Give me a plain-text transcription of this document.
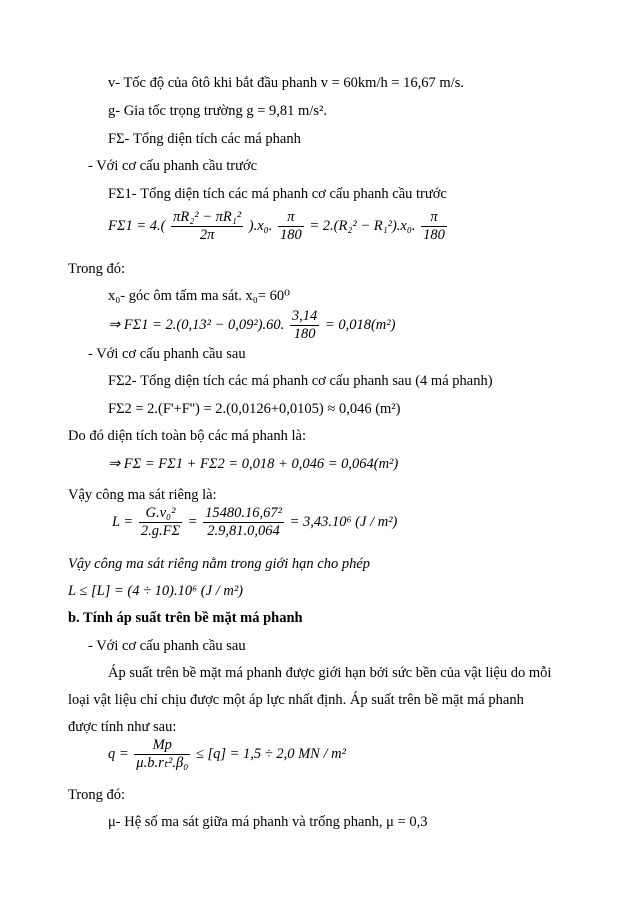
v- Tốc độ của ôtô khi bắt đầu phanh v = 60km/h = 16,67 m/s.
g- Gia tốc trọng trường g = 9,81 m/s².
FΣ- Tổng diện tích các má phanh
- Với cơ cấu phanh cầu trước
FΣ1- Tổng diện tích các má phanh cơ cấu phanh cầu trước
$F\Sigma 1 = 4.( \frac{\text{πR₂² − πR₁²}}{2\pi} ).x_0$. $\frac{\pi}{180} = 2.(R_2^2 - R_1^2).x_0$. $\frac{\pi}{180}$
Trong đó:
x₀- góc ôm tấm ma sát. x₀= 60⁰
⇒ FΣ1 = 2.(0,13² − 0,09²).60. $\frac{3,14}{180} = 0,018(m^2)$
- Với cơ cấu phanh cầu sau
FΣ2- Tổng diện tích các má phanh cơ cấu phanh sau (4 má phanh)
FΣ2 = 2.(F'+F'') = 2.(0,0126+0,0105) ≈ 0,046 (m²)
Do đó diện tích toàn bộ các má phanh là:
⇒ FΣ = FΣ1 + FΣ2 = 0,018 + 0,046 = 0,064(m²)
Vậy công ma sát riêng là:
$L = \frac{\text{G.v₀²}}{2.g.F\Sigma} = \frac{\text{15480.16,67²}}{2.9,81.0,064} = 3,43.10^6$ (J / m²)
Vậy công ma sát riêng nằm trong giới hạn cho phép
L ≤ [L] = (4 ÷ 10).10⁶ (J / m²)
b. Tính áp suất trên bề mặt má phanh
- Với cơ cấu phanh cầu sau
Áp suất trên bề mặt má phanh được giới hạn bởi sức bền của vật liệu do mỗi
loại vật liệu chỉ chịu được một áp lực nhất định. Áp suất trên bề mặt má phanh
được tính như sau:
$q = \frac{Mp}{\text{μ.b.rₜ².β₀}} \le [q] = 1,5 \div 2,0$ MN / m²
Trong đó:
μ- Hệ số ma sát giữa má phanh và trống phanh, μ = 0,3
